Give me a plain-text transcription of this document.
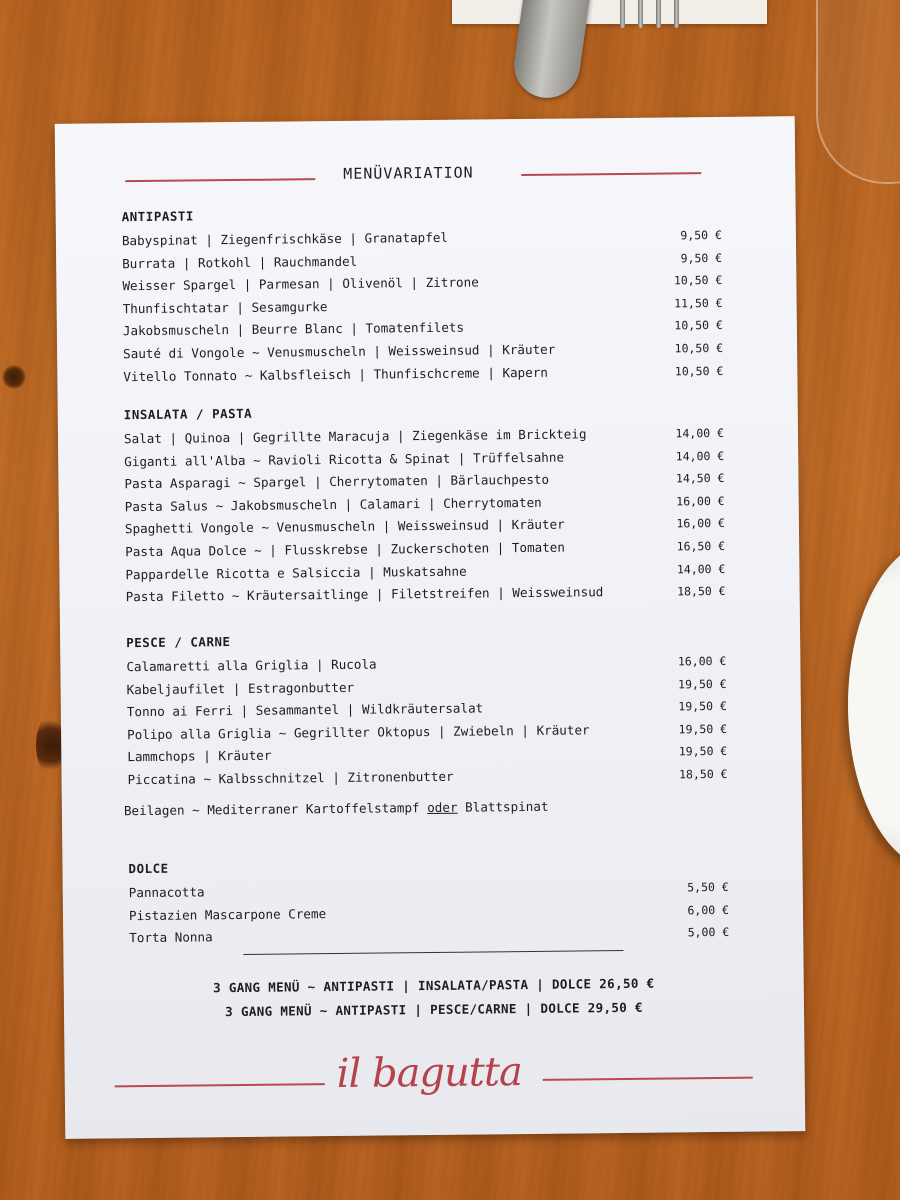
MENÜVARIATION
ANTIPASTI
Babyspinat | Ziegenfrischkäse | Granatapfel	9,50 €
Burrata | Rotkohl | Rauchmandel	9,50 €
Weisser Spargel | Parmesan | Olivenöl | Zitrone	10,50 €
Thunfischtatar | Sesamgurke	11,50 €
Jakobsmuscheln | Beurre Blanc | Tomatenfilets	10,50 €
Sauté di Vongole ~ Venusmuscheln | Weissweinsud | Kräuter	10,50 €
Vitello Tonnato ~ Kalbsfleisch | Thunfischcreme | Kapern	10,50 €
INSALATA / PASTA
Salat | Quinoa | Gegrillte Maracuja | Ziegenkäse im Brickteig	14,00 €
Giganti all'Alba ~ Ravioli Ricotta & Spinat | Trüffelsahne	14,00 €
Pasta Asparagi ~ Spargel | Cherrytomaten | Bärlauchpesto	14,50 €
Pasta Salus ~ Jakobsmuscheln | Calamari | Cherrytomaten	16,00 €
Spaghetti Vongole ~ Venusmuscheln | Weissweinsud | Kräuter	16,00 €
Pasta Aqua Dolce ~ | Flusskrebse | Zuckerschoten | Tomaten	16,50 €
Pappardelle Ricotta e Salsiccia | Muskatsahne	14,00 €
Pasta Filetto ~ Kräutersaitlinge | Filetstreifen | Weissweinsud	18,50 €
PESCE / CARNE
Calamaretti alla Griglia | Rucola	16,00 €
Kabeljaufilet | Estragonbutter	19,50 €
Tonno ai Ferri | Sesammantel | Wildkräutersalat	19,50 €
Polipo alla Griglia ~ Gegrillter Oktopus | Zwiebeln | Kräuter	19,50 €
Lammchops | Kräuter	19,50 €
Piccatina ~ Kalbsschnitzel | Zitronenbutter	18,50 €
Beilagen ~ Mediterraner Kartoffelstampf oder Blattspinat
DOLCE
Pannacotta	5,50 €
Pistazien Mascarpone Creme	6,00 €
Torta Nonna	5,00 €
3 GANG MENÜ ~ ANTIPASTI | INSALATA/PASTA | DOLCE 26,50 €
3 GANG MENÜ ~ ANTIPASTI | PESCE/CARNE | DOLCE 29,50 €
il bagutta
